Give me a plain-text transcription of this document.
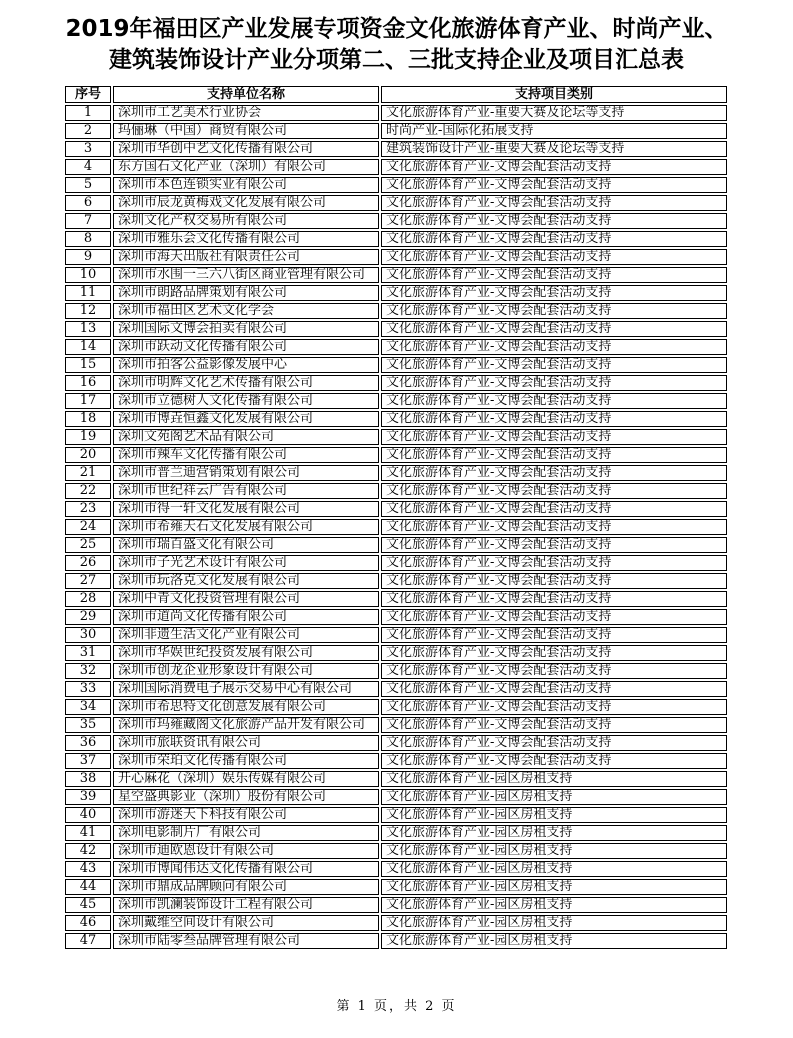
2019年福田区产业发展专项资金文化旅游体育产业、时尚产业、
建筑装饰设计产业分项第二、三批支持企业及项目汇总表
序号	支持单位名称	支持项目类别
1	深圳市工艺美术行业协会	文化旅游体育产业-重要大赛及论坛等支持
2	玛俪琳（中国）商贸有限公司	时尚产业-国际化拓展支持
3	深圳市华创中艺文化传播有限公司	建筑装饰设计产业-重要大赛及论坛等支持
4	东方国石文化产业（深圳）有限公司	文化旅游体育产业-文博会配套活动支持
5	深圳市本色连锁实业有限公司	文化旅游体育产业-文博会配套活动支持
6	深圳市辰龙黄梅戏文化发展有限公司	文化旅游体育产业-文博会配套活动支持
7	深圳文化产权交易所有限公司	文化旅游体育产业-文博会配套活动支持
8	深圳市雅乐会文化传播有限公司	文化旅游体育产业-文博会配套活动支持
9	深圳市海天出版社有限责任公司	文化旅游体育产业-文博会配套活动支持
10	深圳市水围一三六八街区商业管理有限公司	文化旅游体育产业-文博会配套活动支持
11	深圳市朗路品牌策划有限公司	文化旅游体育产业-文博会配套活动支持
12	深圳市福田区艺术文化学会	文化旅游体育产业-文博会配套活动支持
13	深圳国际文博会拍卖有限公司	文化旅游体育产业-文博会配套活动支持
14	深圳市跃动文化传播有限公司	文化旅游体育产业-文博会配套活动支持
15	深圳市拍客公益影像发展中心	文化旅游体育产业-文博会配套活动支持
16	深圳市明辉文化艺术传播有限公司	文化旅游体育产业-文博会配套活动支持
17	深圳市立德树人文化传播有限公司	文化旅游体育产业-文博会配套活动支持
18	深圳市博垚恒鑫文化发展有限公司	文化旅游体育产业-文博会配套活动支持
19	深圳文苑阁艺术品有限公司	文化旅游体育产业-文博会配套活动支持
20	深圳市辣车文化传播有限公司	文化旅游体育产业-文博会配套活动支持
21	深圳市普兰迪营销策划有限公司	文化旅游体育产业-文博会配套活动支持
22	深圳市世纪祥云广告有限公司	文化旅游体育产业-文博会配套活动支持
23	深圳市得一轩文化发展有限公司	文化旅游体育产业-文博会配套活动支持
24	深圳市希雍天石文化发展有限公司	文化旅游体育产业-文博会配套活动支持
25	深圳市瑞百盛文化有限公司	文化旅游体育产业-文博会配套活动支持
26	深圳市子光艺术设计有限公司	文化旅游体育产业-文博会配套活动支持
27	深圳市玩洛克文化发展有限公司	文化旅游体育产业-文博会配套活动支持
28	深圳中青文化投资管理有限公司	文化旅游体育产业-文博会配套活动支持
29	深圳市道尚文化传播有限公司	文化旅游体育产业-文博会配套活动支持
30	深圳非遗生活文化产业有限公司	文化旅游体育产业-文博会配套活动支持
31	深圳市华娱世纪投资发展有限公司	文化旅游体育产业-文博会配套活动支持
32	深圳市创龙企业形象设计有限公司	文化旅游体育产业-文博会配套活动支持
33	深圳国际消费电子展示交易中心有限公司	文化旅游体育产业-文博会配套活动支持
34	深圳市希思特文化创意发展有限公司	文化旅游体育产业-文博会配套活动支持
35	深圳市玛雍藏阁文化旅游产品开发有限公司	文化旅游体育产业-文博会配套活动支持
36	深圳市旅联资讯有限公司	文化旅游体育产业-文博会配套活动支持
37	深圳市荣珀文化传播有限公司	文化旅游体育产业-文博会配套活动支持
38	开心麻花（深圳）娱乐传媒有限公司	文化旅游体育产业-园区房租支持
39	星空盛典影业（深圳）股份有限公司	文化旅游体育产业-园区房租支持
40	深圳市游迷天下科技有限公司	文化旅游体育产业-园区房租支持
41	深圳电影制片厂有限公司	文化旅游体育产业-园区房租支持
42	深圳市迪欧恩设计有限公司	文化旅游体育产业-园区房租支持
43	深圳市博闻伟达文化传播有限公司	文化旅游体育产业-园区房租支持
44	深圳市鼎成品牌顾问有限公司	文化旅游体育产业-园区房租支持
45	深圳市凯澜装饰设计工程有限公司	文化旅游体育产业-园区房租支持
46	深圳戴维空间设计有限公司	文化旅游体育产业-园区房租支持
47	深圳市陆零叁品牌管理有限公司	文化旅游体育产业-园区房租支持
第 1 页，共 2 页
